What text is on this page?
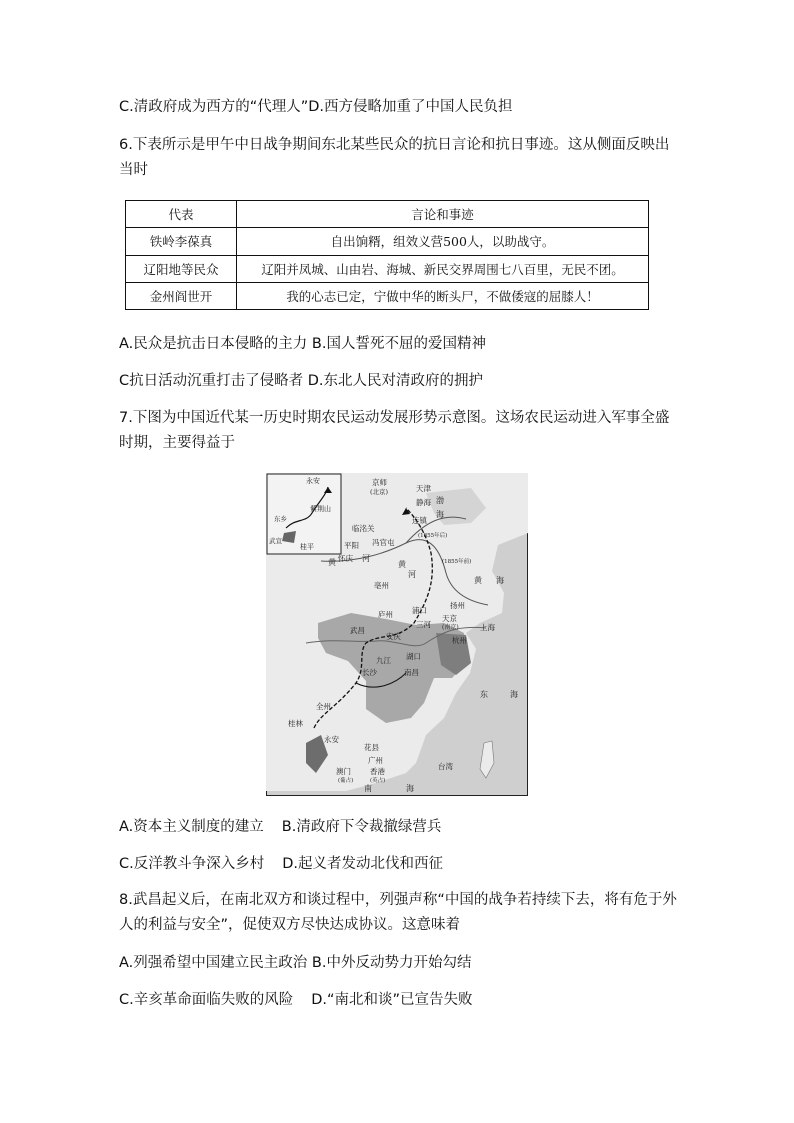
C.清政府成为西方的“代理人”D.西方侵略加重了中国人民负担
6.下表所示是甲午中日战争期间东北某些民众的抗日言论和抗日事迹。这从侧面反映出当时
代表	言论和事迹
铁岭李葆真	自出饷糈，组效义营500人，以助战守。
辽阳地等民众	辽阳并凤城、山由岩、海城、新民交界周围七八百里，无民不团。
金州阎世开	我的心志已定，宁做中华的断头尸，不做倭寇的屈膝人！
A.民众是抗击日本侵略的主力 B.国人誓死不屈的爱国精神
C抗日活动沉重打击了侵略者 D.东北人民对清政府的拥护
7.下图为中国近代某一历史时期农民运动发展形势示意图。这场农民运动进入军事全盛时期，主要得益于
永安
紫荆山
东乡
武宣
桂平
京师
(北京)	天津
静海
连镇
临洺关
冯官屯
平阳
怀庆
亳州
庐州	浦口
扬州
天京
(南京)
三河	上海
武昌
安庆	杭州
九江 湖口
南昌
长沙
全州
桂林
永安
花县
广州
澳门
(葡占)
香港
(英占)
台湾
渤
海
黄	河
黄
河
黄 海
东	海
南	海
(1855年后)
(1855年前)
A.资本主义制度的建立 B.清政府下令裁撤绿营兵
C.反洋教斗争深入乡村 D.起义者发动北伐和西征
8.武昌起义后，在南北双方和谈过程中，列强声称“中国的战争若持续下去，将有危于外人的利益与安全”，促使双方尽快达成协议。这意味着
A.列强希望中国建立民主政治 B.中外反动势力开始勾结
C.辛亥革命面临失败的风险 D.“南北和谈”已宣告失败
